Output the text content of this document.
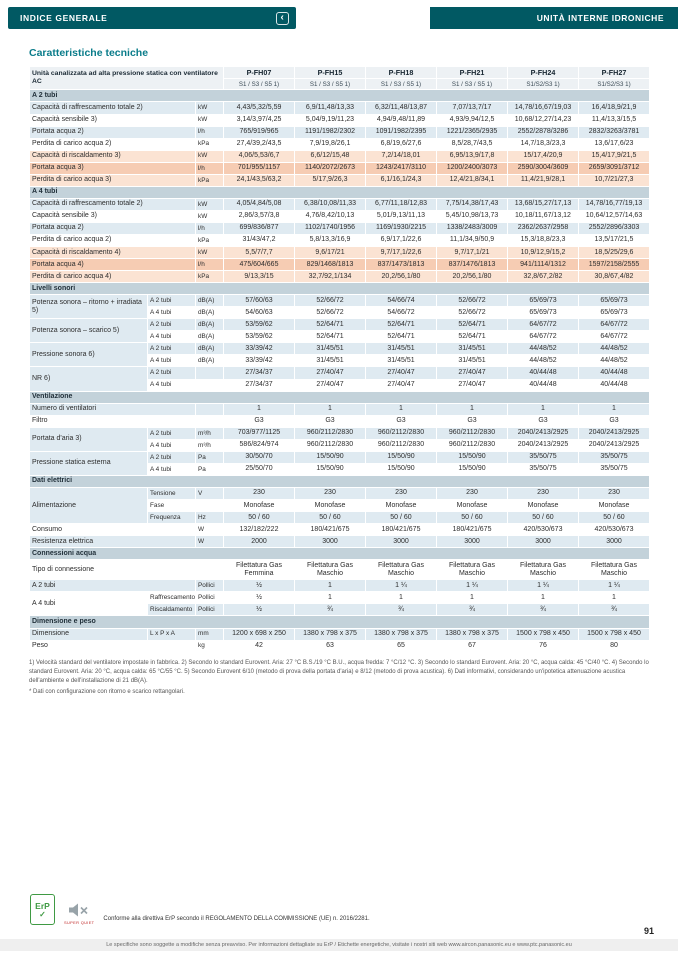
INDICE GENERALE	‹	UNITÀ INTERNE IDRONICHE
Caratteristiche tecniche
Unità canalizzata ad alta pressione statica con ventilatore AC			P-FH07	P-FH15	P-FH18	P-FH21	P-FH24	P-FH27
			S1 / S3 / S5 1)	S1 / S3 / S5 1)	S1 / S3 / S5 1)	S1 / S3 / S5 1)	S1/S2/S3 1)	S1/S2/S3 1)
A 2 tubi								
Capacità di raffrescamento totale 2)		kW	4,43/5,32/5,59	6,9/11,48/13,33	6,32/11,48/13,87	7,07/13,7/17	14,78/16,67/19,03	16,4/18,9/21,9
Capacità sensibile 3)		kW	3,14/3,97/4,25	5,04/9,19/11,23	4,94/9,48/11,89	4,93/9,94/12,5	10,68/12,27/14,23	11,4/13,3/15,5
Portata acqua 2)		l/h	765/919/965	1191/1982/2302	1091/1982/2395	1221/2365/2935	2552/2878/3286	2832/3263/3781
Perdita di carico acqua 2)		kPa	27,4/39,2/43,5	7,9/19,8/26,1	6,8/19,6/27,6	8,5/28,7/43,5	14,7/18,3/23,3	13,6/17,6/23
Capacità di riscaldamento 3)		kW	4,06/5,53/6,7	6,6/12/15,48	7,2/14/18,01	6,95/13,9/17,8	15/17,4/20,9	15,4/17,9/21,5
Portata acqua 3)		l/h	701/955/1157	1140/2072/2673	1243/2417/3110	1200/2400/3073	2590/3004/3609	2659/3091/3712
Perdita di carico acqua 3)		kPa	24,1/43,5/63,2	5/17,9/26,3	6,1/16,1/24,3	12,4/21,8/34,1	11,4/21,9/28,1	10,7/21/27,3
A 4 tubi								
Capacità di raffrescamento totale 2)		kW	4,05/4,84/5,08	6,38/10,08/11,33	6,77/11,18/12,83	7,75/14,38/17,43	13,68/15,27/17,13	14,78/16,77/19,13
Capacità sensibile 3)		kW	2,86/3,57/3,8	4,76/8,42/10,13	5,01/9,13/11,13	5,45/10,98/13,73	10,18/11,67/13,12	10,64/12,57/14,63
Portata acqua 2)		l/h	699/836/877	1102/1740/1956	1169/1930/2215	1338/2483/3009	2362/2637/2958	2552/2896/3303
Perdita di carico acqua 2)		kPa	31/43/47,2	5,8/13,3/16,9	6,9/17,1/22,6	11,1/34,9/50,9	15,3/18,8/23,3	13,5/17/21,5
Capacità di riscaldamento 4)		kW	5,5/7/7,7	9,6/17/21	9,7/17,1/22,6	9,7/17,1/21	10,9/12,9/15,2	18,5/25/29,6
Portata acqua 4)		l/h	475/604/665	829/1468/1813	837/1473/1813	837/1476/1813	941/1114/1312	1597/2158/2555
Perdita di carico acqua 4)		kPa	9/13,3/15	32,7/92,1/134	20,2/56,1/80	20,2/56,1/80	32,8/67,2/82	30,8/67,4/82
Livelli sonori								
Potenza sonora – ritorno + irradiata 5)	A 2 tubi	dB(A)	57/60/63	52/66/72	54/66/74	52/66/72	65/69/73	65/69/73
	A 4 tubi	dB(A)	54/60/63	52/66/72	54/66/72	52/66/72	65/69/73	65/69/73
Potenza sonora – scarico 5)	A 2 tubi	dB(A)	53/59/62	52/64/71	52/64/71	52/64/71	64/67/72	64/67/72
	A 4 tubi	dB(A)	53/59/62	52/64/71	52/64/71	52/64/71	64/67/72	64/67/72
Pressione sonora 6)	A 2 tubi	dB(A)	33/39/42	31/45/51	31/45/51	31/45/51	44/48/52	44/48/52
	A 4 tubi	dB(A)	33/39/42	31/45/51	31/45/51	31/45/51	44/48/52	44/48/52
NR 6)	A 2 tubi		27/34/37	27/40/47	27/40/47	27/40/47	40/44/48	40/44/48
	A 4 tubi		27/34/37	27/40/47	27/40/47	27/40/47	40/44/48	40/44/48
Ventilazione								
Numero di ventilatori			1	1	1	1	1	1
Filtro			G3	G3	G3	G3	G3	G3
Portata d'aria 3)	A 2 tubi	m³/h	703/977/1125	960/2112/2830	960/2112/2830	960/2112/2830	2040/2413/2925	2040/2413/2925
	A 4 tubi	m³/h	586/824/974	960/2112/2830	960/2112/2830	960/2112/2830	2040/2413/2925	2040/2413/2925
Pressione statica esterna	A 2 tubi	Pa	30/50/70	15/50/90	15/50/90	15/50/90	35/50/75	35/50/75
	A 4 tubi	Pa	25/50/70	15/50/90	15/50/90	15/50/90	35/50/75	35/50/75
Dati elettrici								
Alimentazione	Tensione	V	230	230	230	230	230	230
	Fase		Monofase	Monofase	Monofase	Monofase	Monofase	Monofase
	Frequenza	Hz	50 / 60	50 / 60	50 / 60	50 / 60	50 / 60	50 / 60
Consumo		W	132/182/222	180/421/675	180/421/675	180/421/675	420/530/673	420/530/673
Resistenza elettrica		W	2000	3000	3000	3000	3000	3000
Connessioni acqua								
Tipo di connessione			Filettatura Gas Femmina	Filettatura Gas Maschio	Filettatura Gas Maschio	Filettatura Gas Maschio	Filettatura Gas Maschio	Filettatura Gas Maschio
A 2 tubi		Pollici	½	1	1 ¼	1 ¼	1 ¼	1 ¼
A 4 tubi	Raffrescamento	Pollici	½	1	1	1	1	1
	Riscaldamento	Pollici	½	¾	¾	¾	¾	¾
Dimensione e peso								
Dimensione	L x P x A	mm	1200 x 698 x 250	1380 x 798 x 375	1380 x 798 x 375	1380 x 798 x 375	1500 x 798 x 450	1500 x 798 x 450
Peso		kg	42	63	65	67	76	80
1) Velocità standard del ventilatore impostate in fabbrica. 2) Secondo lo standard Eurovent. Aria: 27 °C B.S./19 °C B.U., acqua fredda: 7 °C/12 °C. 3) Secondo lo standard Eurovent. Aria: 20 °C, acqua calda: 45 °C/40 °C. 4) Secondo lo standard Eurovent. Aria: 20 °C, acqua calda: 65 °C/55 °C. 5) Secondo Eurovent 6/10 (metodo di prova della portata d'aria) e 8/12 (metodo di prova acustica). 6) Dati informativi, considerando un'ipotetica attenuazione acustica dell'ambiente e dell'installazione di 21 dB(A).
* Dati con configurazione con ritorno e scarico rettangolari.
ErP
✓
SUPER QUIET
Conforme alla direttiva ErP secondo il REGOLAMENTO DELLA COMMISSIONE (UE) n. 2016/2281.
91
Le specifiche sono soggette a modifiche senza preavviso. Per informazioni dettagliate su ErP / Etichette energetiche, visitate i nostri siti web www.aircon.panasonic.eu e www.ptc.panasonic.eu
